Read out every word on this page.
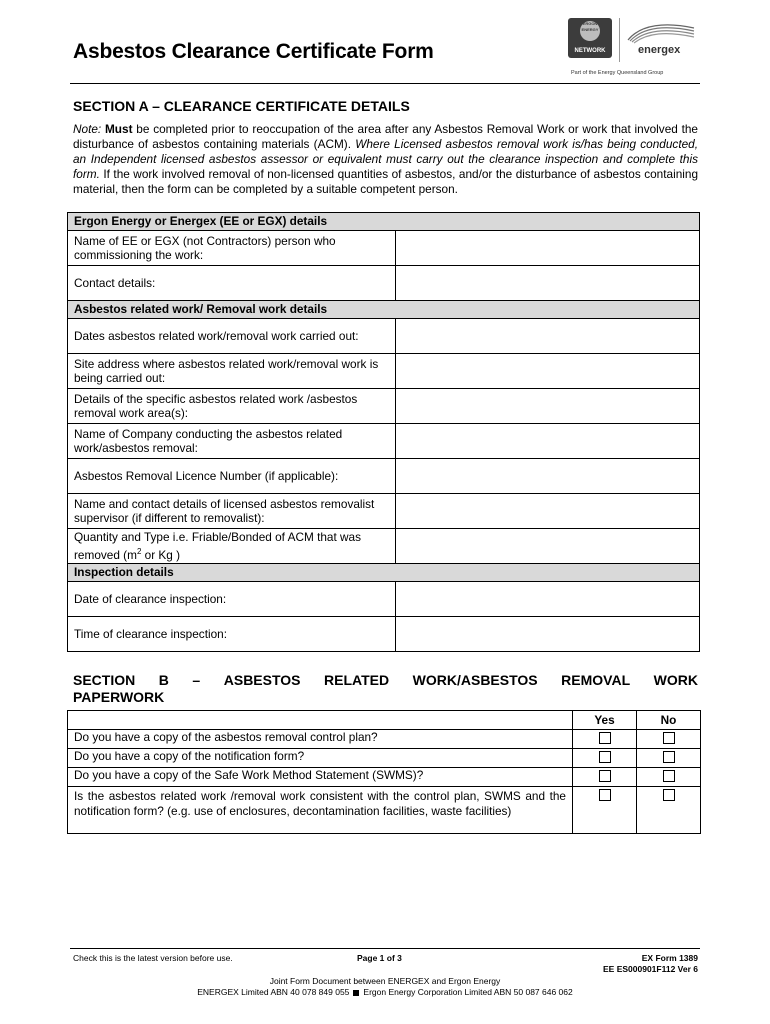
Asbestos Clearance Certificate Form
ERGON ENERGY
NETWORK	energex
Part of the Energy Queensland Group
SECTION A – CLEARANCE CERTIFICATE DETAILS
Note: Must be completed prior to reoccupation of the area after any Asbestos Removal Work or work that involved the disturbance of asbestos containing materials (ACM). Where Licensed asbestos removal work is/has being conducted, an Independent licensed asbestos assessor or equivalent must carry out the clearance inspection and complete this form. If the work involved removal of non-licensed quantities of asbestos, and/or the disturbance of asbestos containing material, then the form can be completed by a suitable competent person.
Ergon Energy or Energex (EE or EGX) details	
Name of EE or EGX (not Contractors) person who commissioning the work:	
Contact details:	
Asbestos related work/ Removal work details	
Dates asbestos related work/removal work carried out:	
Site address where asbestos related work/removal work is being carried out:	
Details of the specific asbestos related work /asbestos removal work area(s):	
Name of Company conducting the asbestos related work/asbestos removal:	
Asbestos Removal Licence Number (if applicable):	
Name and contact details of licensed asbestos removalist supervisor (if different to removalist):	
Quantity and Type i.e. Friable/Bonded of ACM that was removed ($m^2$ or Kg )	
Inspection details	
Date of clearance inspection:	
Time of clearance inspection:	
SECTION B – ASBESTOS RELATED WORK/ASBESTOS REMOVAL WORK
PAPERWORK
	Yes	No
Do you have a copy of the asbestos removal control plan?		
Do you have a copy of the notification form?		
Do you have a copy of the Safe Work Method Statement (SWMS)?		
Is the asbestos related work /removal work consistent with the control plan, SWMS and the notification form? (e.g. use of enclosures, decontamination facilities, waste facilities)		
Check this is the latest version before use.	Page 1 of 3	EX Form 1389
EE ES000901F112 Ver 6
Joint Form Document between ENERGEX and Ergon Energy
ENERGEX Limited ABN 40 078 849 055 Ergon Energy Corporation Limited ABN 50 087 646 062
